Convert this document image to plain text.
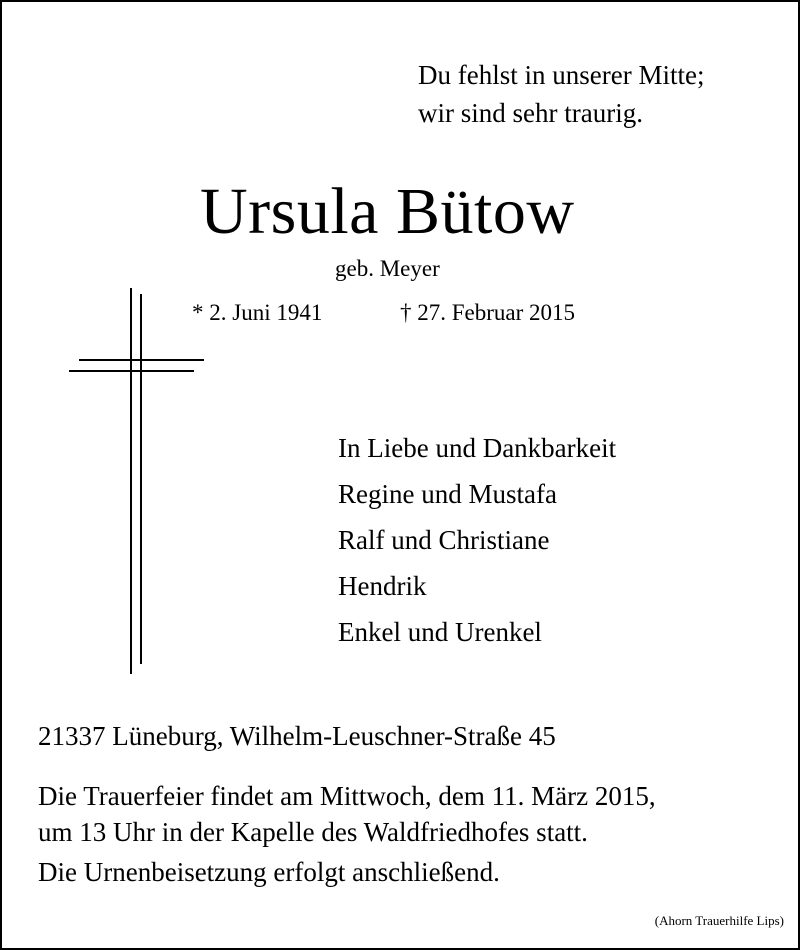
Du fehlst in unserer Mitte;
wir sind sehr traurig.
Ursula Bütow
geb. Meyer
* 2. Juni 1941	† 27. Februar 2015
In Liebe und Dankbarkeit
Regine und Mustafa
Ralf und Christiane
Hendrik
Enkel und Urenkel
21337 Lüneburg, Wilhelm-Leuschner-Straße 45
Die Trauerfeier findet am Mittwoch, dem 11. März 2015,
um 13 Uhr in der Kapelle des Waldfriedhofes statt.
Die Urnenbeisetzung erfolgt anschließend.
(Ahorn Trauerhilfe Lips)
